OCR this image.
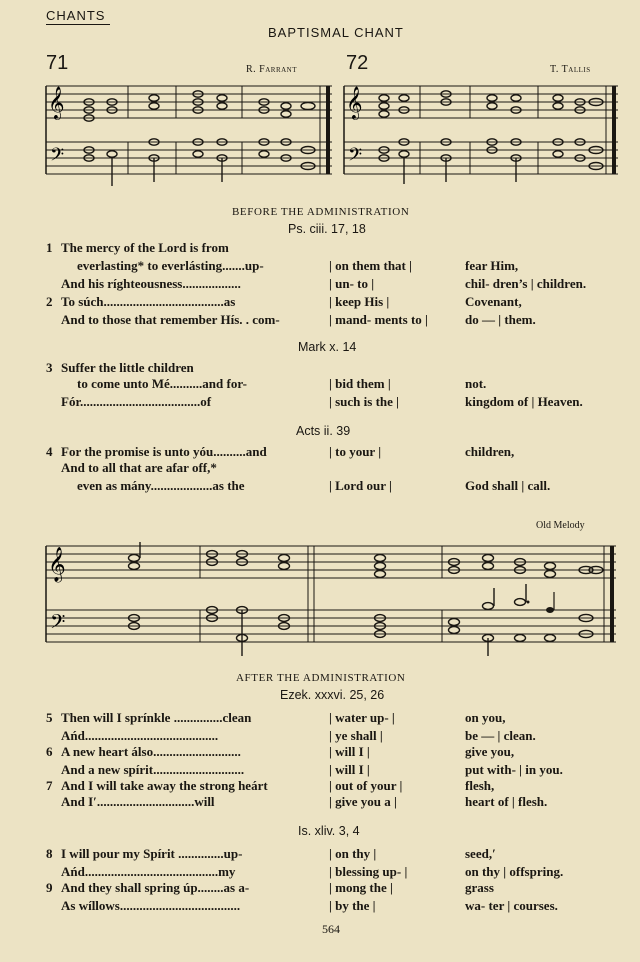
CHANTS
BAPTISMAL CHANT
71	R. Farrant 72	T. Tallis
𝄞
𝄢
𝄞
𝄢
BEFORE THE ADMINISTRATION
Ps. ciii. 17, 18
1 The mercy of the Lord is from
everlasting* to everlásting.......up-	| on them that |	fear Him,
And his ríghteousness..................	| un- to |	chil- dren’s | children.
2 To súch.....................................as	| keep His |	Covenant,
And to those that remember Hís. . com-	| mand- ments to |	do — | them.
Mark x. 14
3 Suffer the little children
to come unto Mé..........and for-	| bid them |	not.
Fór.....................................of	| such is the |	kingdom of | Heaven.
Acts ii. 39
4 For the promise is unto yóu..........and	| to your |	children,
And to all that are afar off,*
even as mány...................as the	| Lord our |	God shall | call.
Old Melody
𝄞
𝄢
AFTER THE ADMINISTRATION
Ezek. xxxvi. 25, 26
5 Then will I sprínkle ...............clean	| water up- |	on you,
Ańd.........................................	| ye shall |	be — | clean.
6 A new heart álso...........................	| will I |	give you,
And a new spírit............................	| will I |	put with- | in you.
7 And I will take away the strong heárt	| out of your |	flesh,
And I′..............................will	| give you a |	heart of | flesh.
Is. xliv. 3, 4
8 I will pour my Spírit ..............up-	| on thy |	seed,ʹ
Ańd.........................................my	| blessing up- |	on thy | offspring.
9 And they shall spring úp........as a-	| mong the |	grass
As wíllows.....................................	| by the |	wa- ter | courses.
564
